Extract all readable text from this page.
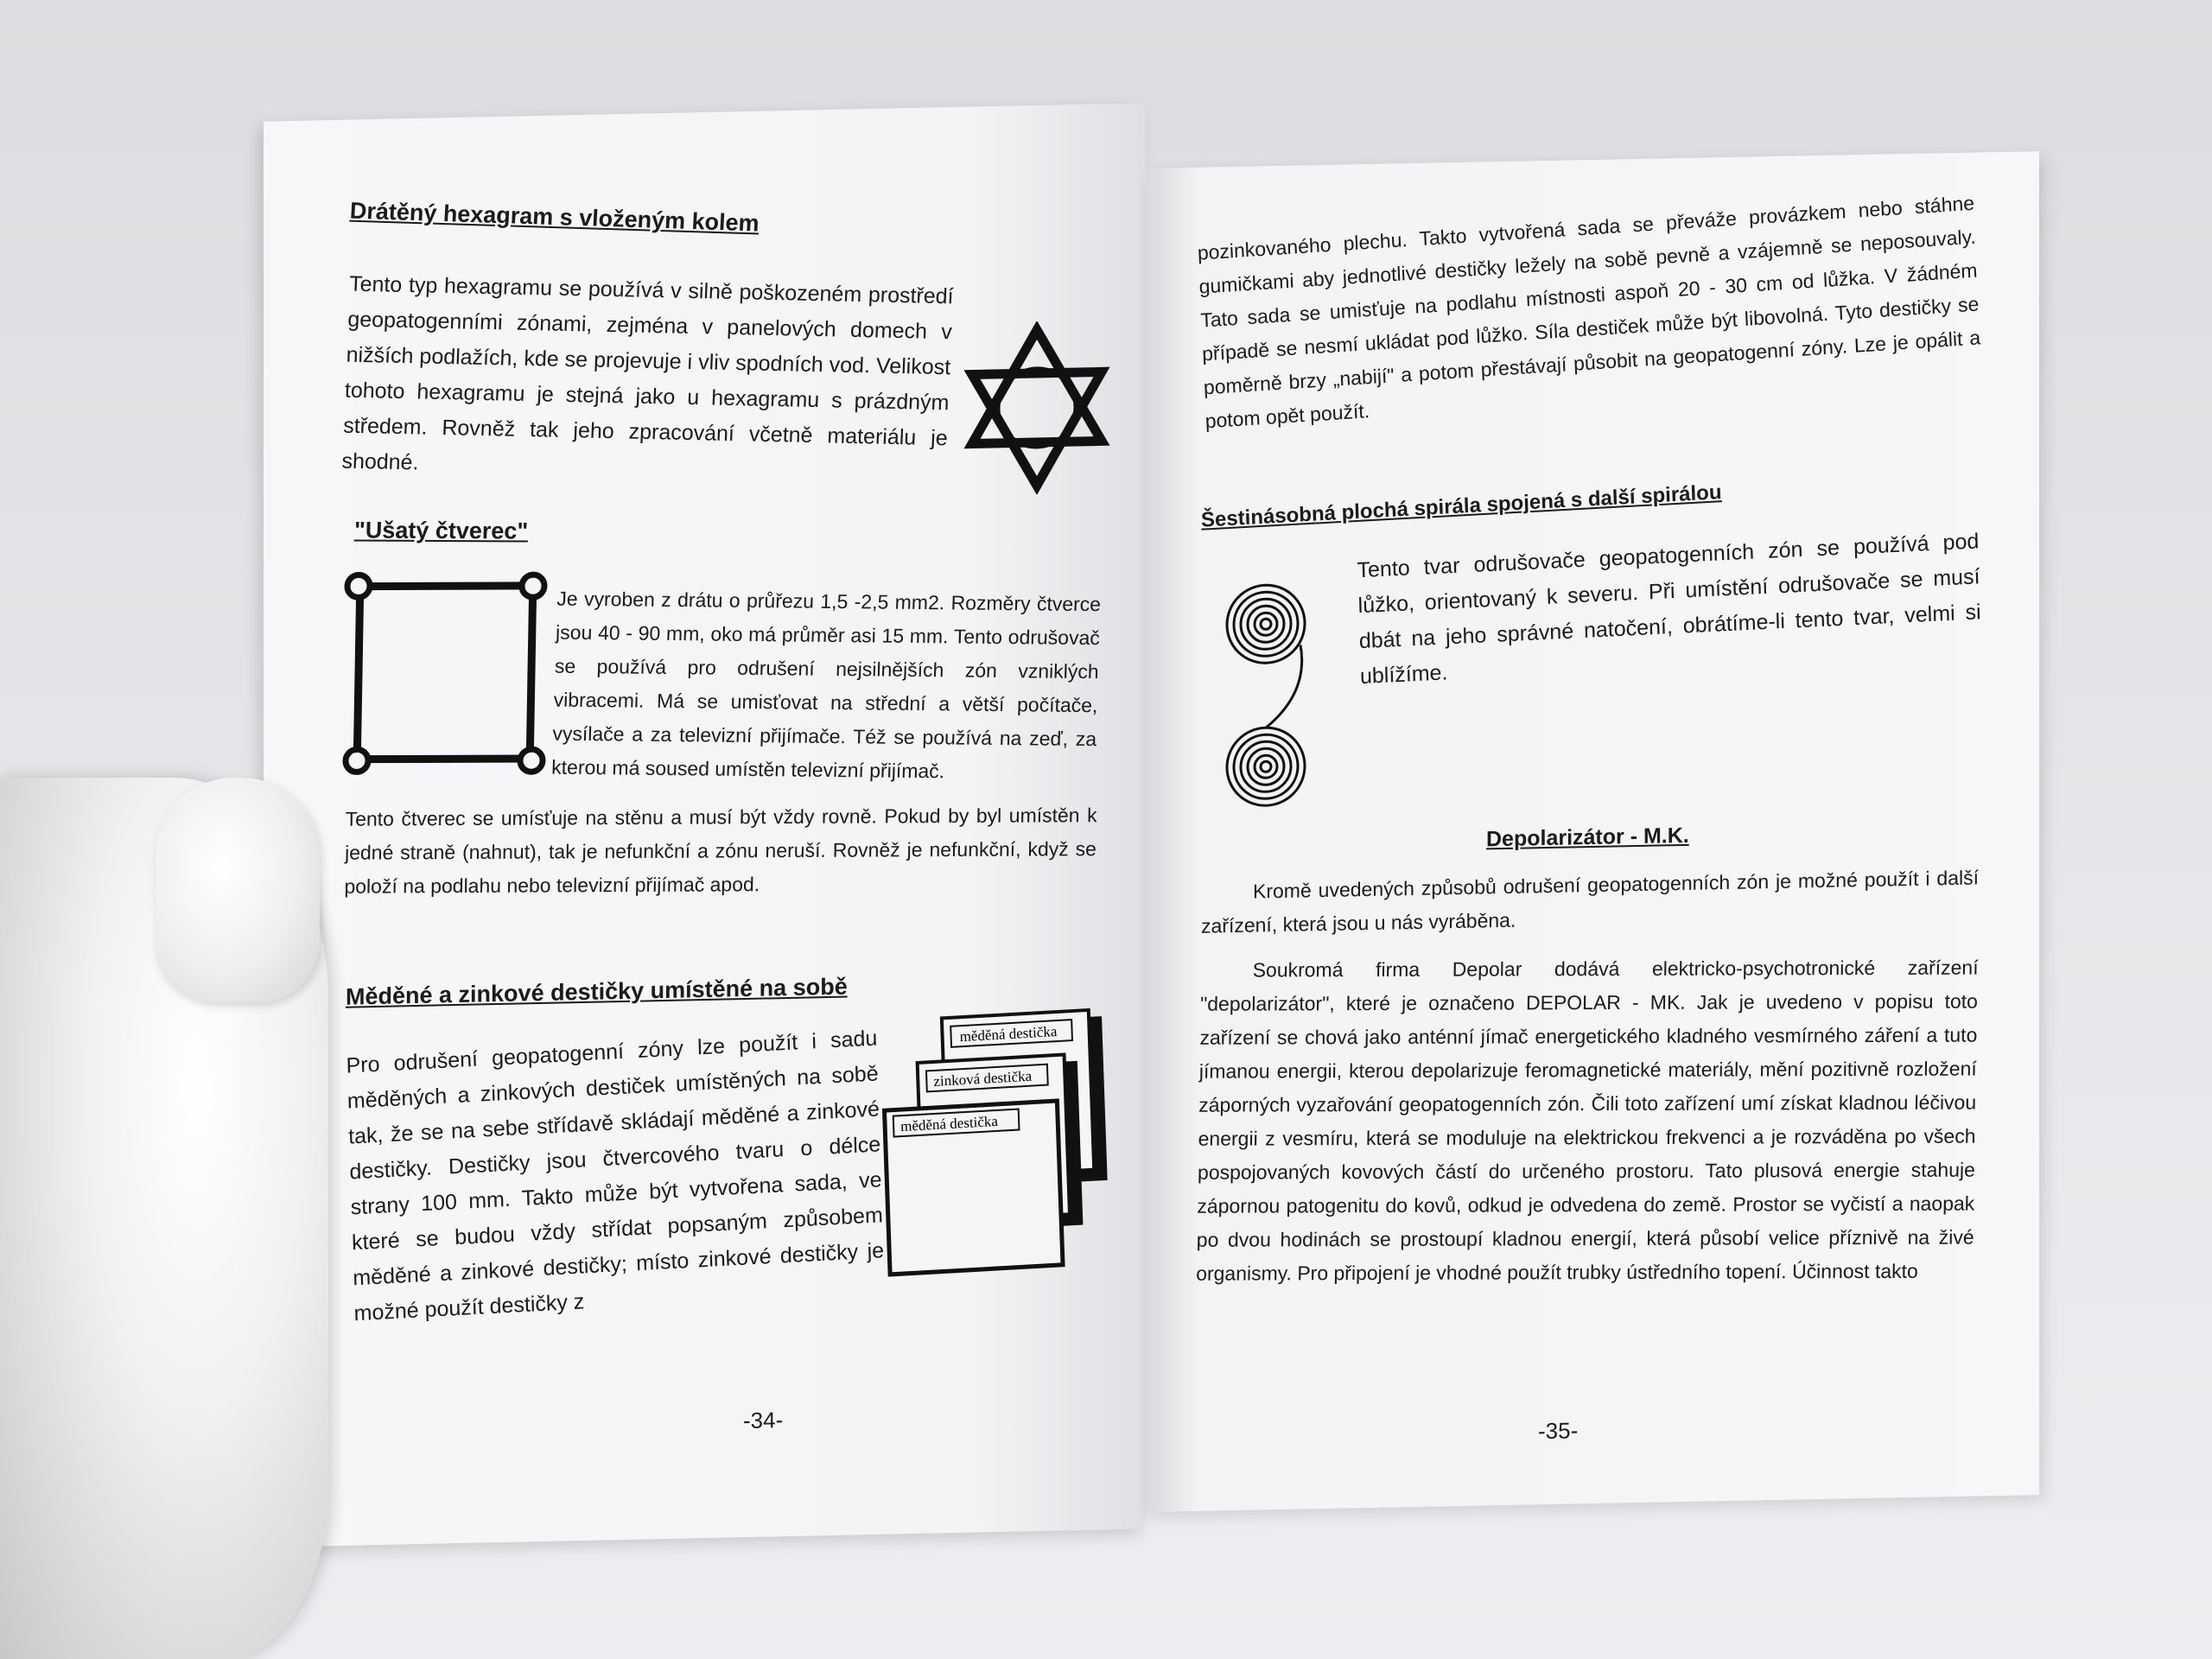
Drátěný hexagram s vloženým kolem
Tento typ hexagramu se používá v silně poškozeném prostředí geopatogenními zónami, zejména v panelových domech v nižších podlažích, kde se projevuje i vliv spodních vod. Velikost tohoto hexagramu je stejná jako u hexagramu s prázdným středem. Rovněž tak jeho zpracování včetně materiálu je shodné.
"Ušatý čtverec"
Je vyroben z drátu o průřezu 1,5 -2,5 mm2. Rozměry čtverce jsou 40 - 90 mm, oko má průměr asi 15 mm. Tento odrušovač se používá pro odrušení nejsilnějších zón vzniklých vibracemi. Má se umisťovat na střední a větší počítače, vysílače a za televizní přijímače. Též se používá na zeď, za kterou má soused umístěn televizní přijímač.
Tento čtverec se umísťuje na stěnu a musí být vždy rovně. Pokud by byl umístěn k jedné straně (nahnut), tak je nefunkční a zónu neruší. Rovněž je nefunkční, když se položí na podlahu nebo televizní přijímač apod.
Měděné a zinkové destičky umístěné na sobě
Pro odrušení geopatogenní zóny lze použít i sadu měděných a zinkových destiček umístěných na sobě tak, že se na sebe střídavě skládají měděné a zinkové destičky. Destičky jsou čtvercového tvaru o délce strany 100 mm. Takto může být vytvořena sada, ve které se budou vždy střídat popsaným způsobem měděné a zinkové destičky; místo zinkové destičky je možné použít destičky z
měděná destička
zinková destička
měděná destička
-34-
pozinkovaného plechu. Takto vytvořená sada se převáže provázkem nebo stáhne gumičkami aby jednotlivé destičky ležely na sobě pevně a vzájemně se neposouvaly. Tato sada se umisťuje na podlahu místnosti aspoň 20 - 30 cm od lůžka. V žádném případě se nesmí ukládat pod lůžko. Síla destiček může být libovolná. Tyto destičky se poměrně brzy „nabijí" a potom přestávají působit na geopatogenní zóny. Lze je opálit a potom opět použít.
Šestinásobná plochá spirála spojená s další spirálou
Tento tvar odrušovače geopatogenních zón se používá pod lůžko, orientovaný k severu. Při umístění odrušovače se musí dbát na jeho správné natočení, obrátíme-li tento tvar, velmi si ublížíme.
Depolarizátor - M.K.
Kromě uvedených způsobů odrušení geopatogenních zón je možné použít i další zařízení, která jsou u nás vyráběna.
Soukromá firma Depolar dodává elektricko-psychotronické zařízení "depolarizátor", které je označeno DEPOLAR - MK. Jak je uvedeno v popisu toto zařízení se chová jako anténní jímač energetického kladného vesmírného záření a tuto jímanou energii, kterou depolarizuje feromagnetické materiály, mění pozitivně rozložení záporných vyzařování geopatogenních zón. Čili toto zařízení umí získat kladnou léčivou energii z vesmíru, která se moduluje na elektrickou frekvenci a je rozváděna po všech pospojovaných kovových částí do určeného prostoru. Tato plusová energie stahuje zápornou patogenitu do kovů, odkud je odvedena do země. Prostor se vyčistí a naopak po dvou hodinách se prostoupí kladnou energií, která působí velice příznivě na živé organismy. Pro připojení je vhodné použít trubky ústředního topení. Účinnost takto
-35-
